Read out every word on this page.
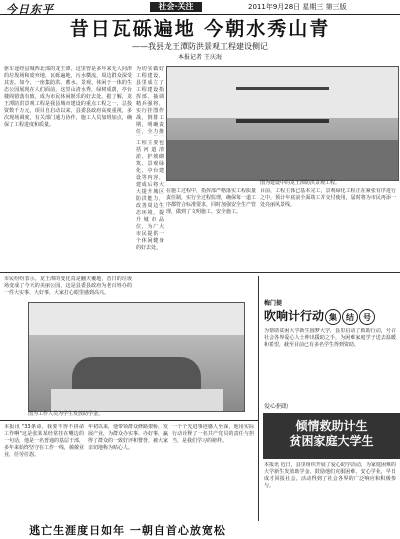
今日东平	社会·关注	2011年9月28日 星期三 第三版
昔日瓦砾遍地 今朝水秀山青
——我县龙王潭防洪景观工程建设侧记
本报记者 王庆海
驱车途经县城西北部的龙王潭，这里曾是多年来无人问津的垃圾场和废弃地，瓦砾遍地，污水横流，周边群众深受其害。如今，一座集防洪、蓄水、景观、休闲于一体的生态公园展现在人们面前，这里山清水秀，绿树成荫，亭台楼阁错落有致，成为市民休闲娱乐的好去处。据了解，龙王潭防洪景观工程是我县城市建设的重点工程之一，总投资数千万元，项目自启动以来，县委县政府高度重视，多次现场调度，有关部门通力协作，施工人员加班加点，确保了工程进度和质量。
为切实做好工程建设，县里成立了工程建设指挥部，抽调精兵强将，实行挂图作战，倒排工期，明确责任，全力推
图为建设中的龙王潭防洪景观工程。
工程主要包括河道清淤、护坡砌筑、景观绿化、亭台建设等内容，建成后将大大提升城区防洪能力，改善周边生态环境，提升城市品位，为广大市民提供一个休闲健身的好去处。
在施工过程中，指挥部严格落实工程质量责任制，实行全过程监理，确保每一道工序都符合标准要求，同时加强安全生产管理，做到了文明施工、安全施工。
目前，工程主体已基本完工，景观绿化工程正在紧张有序进行之中，预计年底前全面竣工并交付使用，届时将为市民再添一处亮丽风景线。
市民纷纷表示，龙王潭的变化真是翻天覆地，昔日的垃圾场变成了今天的美丽公园，这是县委县政府为老百姓办的一件大实事、大好事，大家打心眼里感到高兴。
图为工作人员为学生发放助学金。
梅门提
吹响计行动 集 结 号
为帮助贫困大学新生圆梦大学，县里启动了救助行动，号召社会各界爱心人士伸出援助之手，为困难家庭学子送去温暖和希望，截至目前已有多名学生得到资助。
倾情救助计生
贫困家庭大学生
爱心捐助
本报讯 近日，县里组织开展了爱心助学活动，为家庭困难的大学新生发放助学金，鼓励他们克服困难，安心学业，早日成才回报社会。活动得到了社会各界的广泛响应和积极参与。
本报讯 "33条命，我要不得不拼命工作啊"这是张某某经常挂在嘴边的一句话，他是一名普通的基层干部，多年来始终坚守在工作一线，兢兢业业，任劳任怨。
年初以来，他带领群众修路架桥，发展产业，为群众办实事、办好事，赢得了群众的一致好评和赞誉，被大家亲切地称为贴心人。
一个个先进事迹感人至深，他用实际行动诠释了一名共产党员的责任与担当，是我们学习的榜样。
逃亡生涯度日如年 一朝自首心放宽松
